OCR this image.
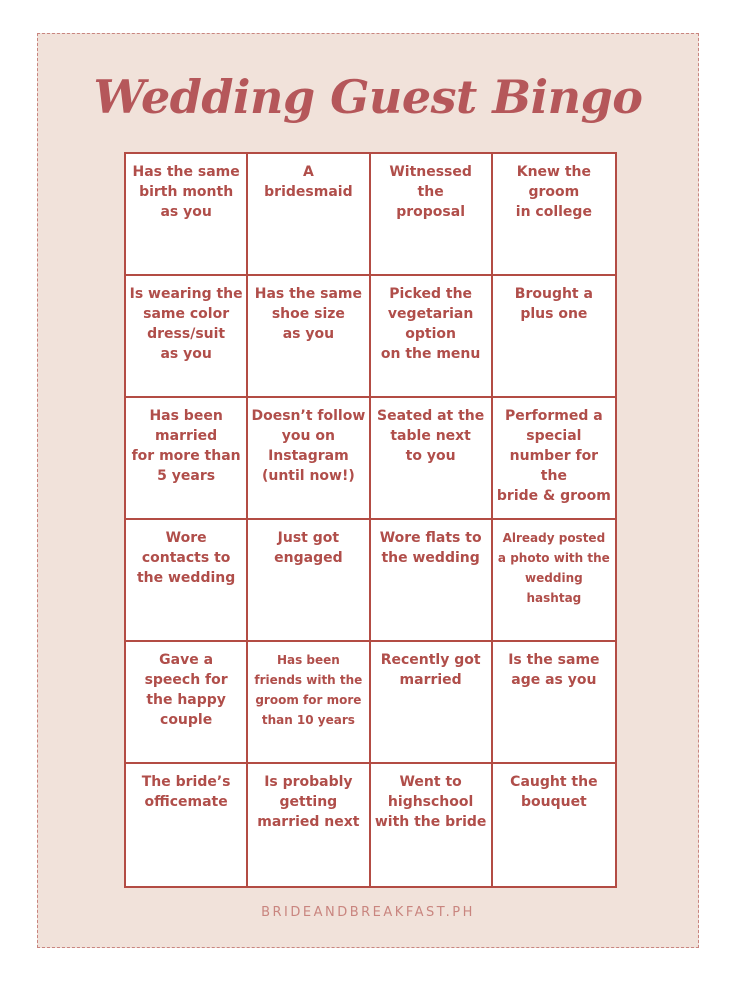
Wedding Guest Bingo
Has the same
birth month
as you
A
bridesmaid
Witnessed
the
proposal
Knew the
groom
in college
Is wearing the
same color
dress/suit
as you
Has the same
shoe size
as you
Picked the
vegetarian
option
on the menu
Brought a
plus one
Has been
married
for more than
5 years
Doesn’t follow
you on
Instagram
(until now!)
Seated at the
table next
to you
Performed a
special
number for the
bride & groom
Wore
contacts to
the wedding
Just got
engaged
Wore flats to
the wedding
Already posted
a photo with the
wedding hashtag
Gave a
speech for
the happy
couple
Has been
friends with the
groom for more
than 10 years
Recently got
married
Is the same
age as you
The bride’s
officemate
Is probably
getting
married next
Went to
highschool
with the bride
Caught the
bouquet

BRIDEANDBREAKFAST.PH
